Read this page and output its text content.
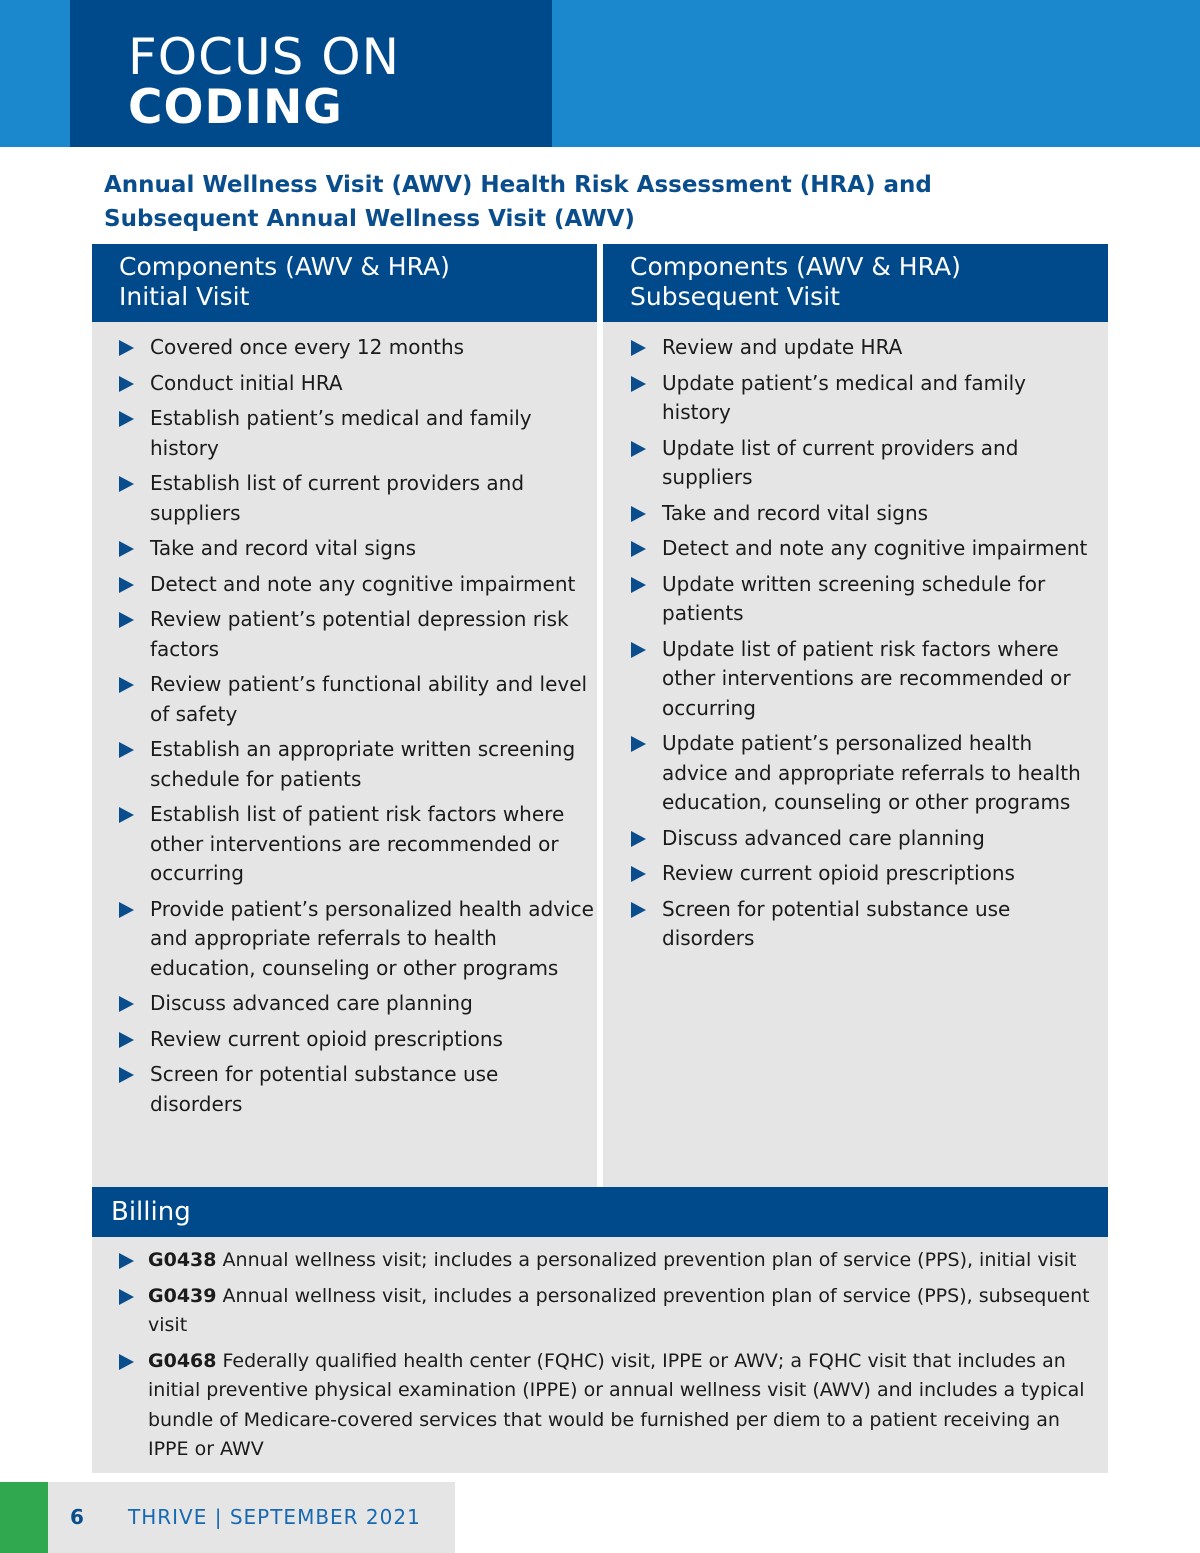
FOCUS ON
CODING
Annual Wellness Visit (AWV) Health Risk Assessment (HRA) and
Subsequent Annual Wellness Visit (AWV)
Components (AWV & HRA)
Initial Visit
Covered once every 12 months
Conduct initial HRA
Establish patient’s medical and family history
Establish list of current providers and suppliers
Take and record vital signs
Detect and note any cognitive impairment
Review patient’s potential depression risk factors
Review patient’s functional ability and level of safety
Establish an appropriate written screening schedule for patients
Establish list of patient risk factors where other interventions are recommended or occurring
Provide patient’s personalized health advice and appropriate referrals to health education, counseling or other programs
Discuss advanced care planning
Review current opioid prescriptions
Screen for potential substance use disorders
Components (AWV & HRA)
Subsequent Visit
Review and update HRA
Update patient’s medical and family history
Update list of current providers and suppliers
Take and record vital signs
Detect and note any cognitive impairment
Update written screening schedule for patients
Update list of patient risk factors where other interventions are recommended or occurring
Update patient’s personalized health advice and appropriate referrals to health education, counseling or other programs
Discuss advanced care planning
Review current opioid prescriptions
Screen for potential substance use disorders
Billing
G0438 Annual wellness visit; includes a personalized prevention plan of service (PPS), initial visit
G0439 Annual wellness visit, includes a personalized prevention plan of service (PPS), subsequent visit
G0468 Federally qualified health center (FQHC) visit, IPPE or AWV; a FQHC visit that includes an initial preventive physical examination (IPPE) or annual wellness visit (AWV) and includes a typical bundle of Medicare-covered services that would be furnished per diem to a patient receiving an IPPE or AWV
6 THRIVE | SEPTEMBER 2021
